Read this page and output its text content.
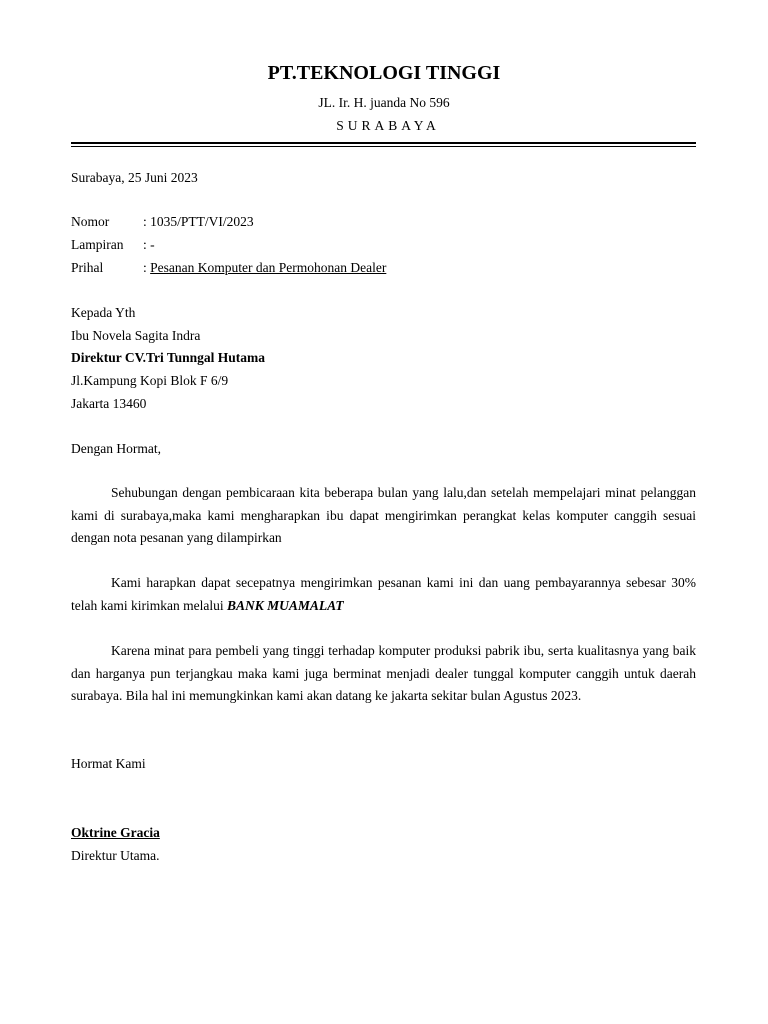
PT.TEKNOLOGI TINGGI
JL. Ir. H. juanda No 596
SURABAYA
Surabaya, 25 Juni 2023
Nomor	: 1035/PTT/VI/2023
Lampiran : -
Prihal	: Pesanan Komputer dan Permohonan Dealer
Kepada Yth
Ibu Novela Sagita Indra
Direktur CV.Tri Tunngal Hutama
Jl.Kampung Kopi Blok F 6/9
Jakarta 13460
Dengan Hormat,

Sehubungan dengan pembicaraan kita beberapa bulan yang lalu,dan setelah mempelajari minat pelanggan kami di surabaya,maka kami mengharapkan ibu dapat mengirimkan perangkat kelas komputer canggih sesuai dengan nota pesanan yang dilampirkan

Kami harapkan dapat secepatnya mengirimkan pesanan kami ini dan uang pembayarannya sebesar 30% telah kami kirimkan melalui BANK MUAMALAT

Karena minat para pembeli yang tinggi terhadap komputer produksi pabrik ibu, serta kualitasnya yang baik dan harganya pun terjangkau maka kami juga berminat menjadi dealer tunggal komputer canggih untuk daerah surabaya. Bila hal ini memungkinkan kami akan datang ke jakarta sekitar bulan Agustus 2023.

Hormat Kami
Oktrine Gracia
Direktur Utama.
